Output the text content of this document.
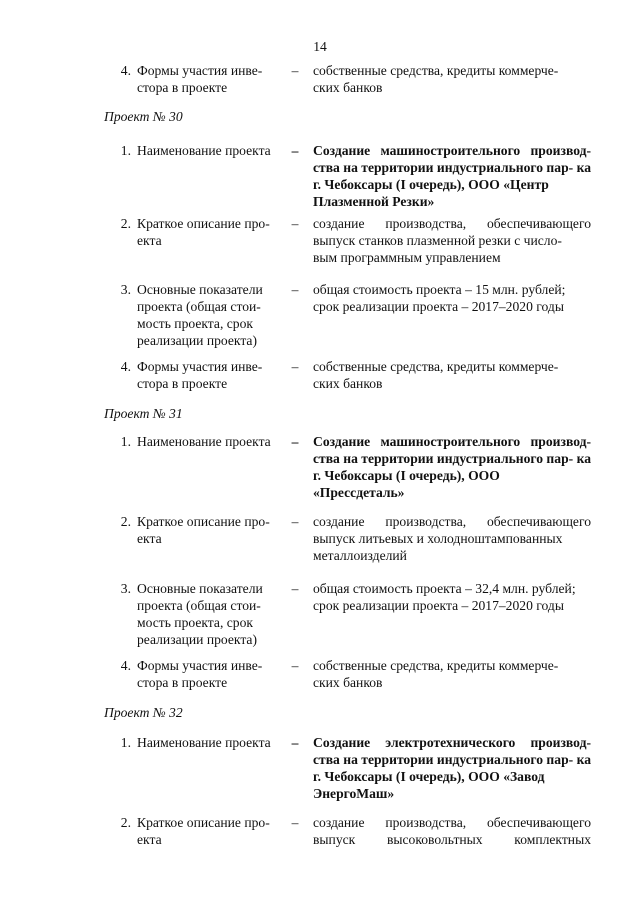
14
4. Формы участия инве-
стора в проекте
– собственные средства, кредиты коммерче-
ских банков
Проект № 30
1. Наименование проекта	– Создание машиностроительного производ- ства на территории индустриального пар- ка г. Чебоксары (I очередь), ООО «Центр
Плазменной Резки»
2. Краткое описание про-
екта
– создание производства, обеспечивающего выпуск станков плазменной резки с число-
вым программным управлением
3. Основные показатели
проекта (общая стои-
мость проекта, срок
реализации проекта)
– общая стоимость проекта – 15 млн. рублей;
срок реализации проекта – 2017–2020 годы
4. Формы участия инве-
стора в проекте
– собственные средства, кредиты коммерче-
ских банков
Проект № 31
1. Наименование проекта	– Создание машиностроительного производ- ства на территории индустриального пар- ка г. Чебоксары (I очередь), ООО
«Прессдеталь»
2. Краткое описание про-
екта
– создание производства, обеспечивающего выпуск литьевых и холодноштампованных
металлоизделий
3. Основные показатели
проекта (общая стои-
мость проекта, срок
реализации проекта)
– общая стоимость проекта – 32,4 млн. рублей;
срок реализации проекта – 2017–2020 годы
4. Формы участия инве-
стора в проекте
– собственные средства, кредиты коммерче-
ских банков
Проект № 32
1. Наименование проекта	– Создание электротехнического производ- ства на территории индустриального пар- ка г. Чебоксары (I очередь), ООО «Завод
ЭнергоМаш»
2. Краткое описание про-
екта
– создание производства, обеспечивающего выпуск высоковольтных комплектных
